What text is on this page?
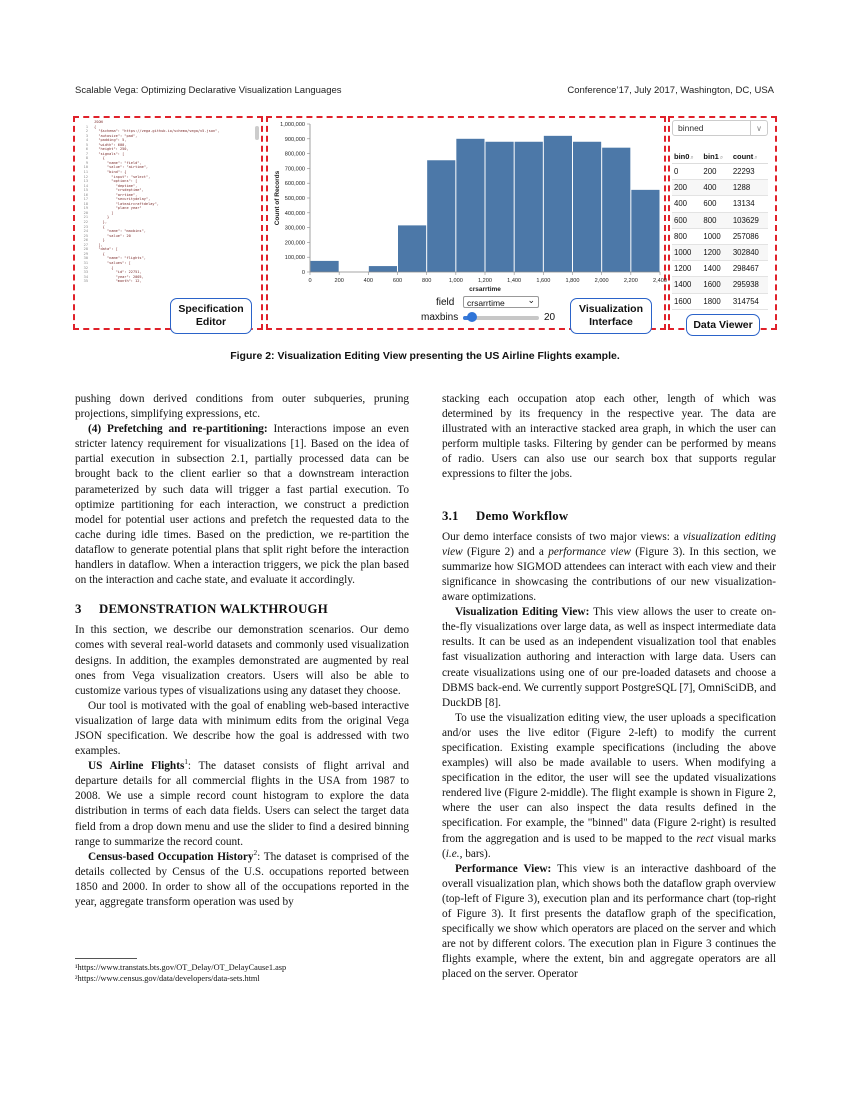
Scalable Vega: Optimizing Declarative Visualization Languages	Conference’17, July 2017, Washington, DC, USA
JSON
1 {
2  "$schema": "https://vega.github.io/schema/vega/v5.json",
3  "autosize": "pad",
4  "padding": 5,
5  "width": 600,
6  "height": 250,
7  "signals": [
8    {
9      "name": "field",
10      "value": "airtime",
11      "bind": {
12        "input": "select",
13        "options": [
14          "deptime",
15          "crsdeptime",
16          "arrtime",
17          "securitydelay",
18          "lateaircraftdelay",
19          "plane year"
20        ]
21      }
22    },
23    {
24      "name": "maxbins",
25      "value": 20
26    }
27  ],
28  "data": [
29    {
30      "name": "flights",
31      "values": [
32        {
33          "id": 22751,
34          "year": 2005,
35          "month": 12,
0
100,000
200,000
300,000
400,000
500,000
600,000
700,000
800,000
900,000
1,000,000
0	200	400	600	800	1,000	1,200	1,400	1,600	1,800	2,000	2,200	2,400
crsarrtime
Count of Records
field	crsarrtime ⌄
maxbins	20
binned	∨
bin0⌕	bin1⌕	count⌕
0	200	22293
200	400	1288
400	600	13134
600	800	103629
800	1000	257086
1000	1200	302840
1200	1400	298467
1400	1600	295938
1600	1800	314754
Specification
Editor
Visualization
Interface	Data Viewer
Figure 2: Visualization Editing View presenting the US Airline Flights example.

pushing down derived conditions from outer subqueries, pruning projections, simplifying expressions, etc.

(4) Prefetching and re-partitioning: Interactions impose an even stricter latency requirement for visualizations [1]. Based on the idea of partial execution in subsection 2.1, partially processed data can be brought back to the client earlier so that a downstream interaction parameterized by such data will trigger a fast partial execution. To optimize partitioning for each interaction, we construct a prediction model for potential user actions and prefetch the requested data to the cache during idle times. Based on the prediction, we re-partition the dataflow to generate potential plans that split right before the interaction handlers in dataflow. When a interaction triggers, we pick the plan based on the interaction and cache state, and evaluate it accordingly.

3 DEMONSTRATION WALKTHROUGH

In this section, we describe our demonstration scenarios. Our demo comes with several real-world datasets and commonly used visualization designs. In addition, the examples demonstrated are augmented by real ones from Vega visualization creators. Users will also be able to customize various types of visualizations using any dataset they choose.

Our tool is motivated with the goal of enabling web-based interactive visualization of large data with minimum edits from the original Vega JSON specification. We describe how the goal is addressed with two examples.

US Airline Flights$^1$: The dataset consists of flight arrival and departure details for all commercial flights in the USA from 1987 to 2008. We use a simple record count histogram to explore the data distribution in terms of each data fields. Users can select the target data field from a drop down menu and use the slider to find a desired binning range to summarize the record count.

Census-based Occupation History$^2$: The dataset is comprised of the details collected by Census of the U.S. occupations reported between 1850 and 2000. In order to show all of the occupations reported in the year, aggregate transform operation was used by

¹https://www.transtats.bts.gov/OT_Delay/OT_DelayCause1.asp
²https://www.census.gov/data/developers/data-sets.html

stacking each occupation atop each other, length of which was determined by its frequency in the respective year. The data are illustrated with an interactive stacked area graph, in which the user can perform multiple tasks. Filtering by gender can be performed by means of radio. Users can also use our search box that supports regular expressions to filter the jobs.

3.1 Demo Workflow

Our demo interface consists of two major views: a visualization editing view (Figure 2) and a performance view (Figure 3). In this section, we summarize how SIGMOD attendees can interact with each view and their significance in showcasing the contributions of our new visualization-aware optimizations.

Visualization Editing View: This view allows the user to create on-the-fly visualizations over large data, as well as inspect intermediate data results. It can be used as an independent visualization tool that enables fast visualization authoring and interaction with large data. Users can create visualizations using one of our pre-loaded datasets and choose a DBMS back-end. We currently support PostgreSQL [7], OmniSciDB, and DuckDB [8].

To use the visualization editing view, the user uploads a specification and/or uses the live editor (Figure 2-left) to modify the current specification. Existing example specifications (including the above examples) will also be made available to users. When modifying a specification in the editor, the user will see the updated visualizations rendered live (Figure 2-middle). The flight example is shown in Figure 2, where the user can also inspect the data results defined in the specification. For example, the "binned" data (Figure 2-right) is resulted from the aggregation and is used to be mapped to the rect visual marks (i.e., bars).

Performance View: This view is an interactive dashboard of the overall visualization plan, which shows both the dataflow graph overview (top-left of Figure 3), execution plan and its performance chart (top-right of Figure 3). It first presents the dataflow graph of the specification, specifically we show which operators are placed on the server and which are not by different colors. The execution plan in Figure 3 continues the flights example, where the extent, bin and aggregate operators are all placed on the server. Operator
